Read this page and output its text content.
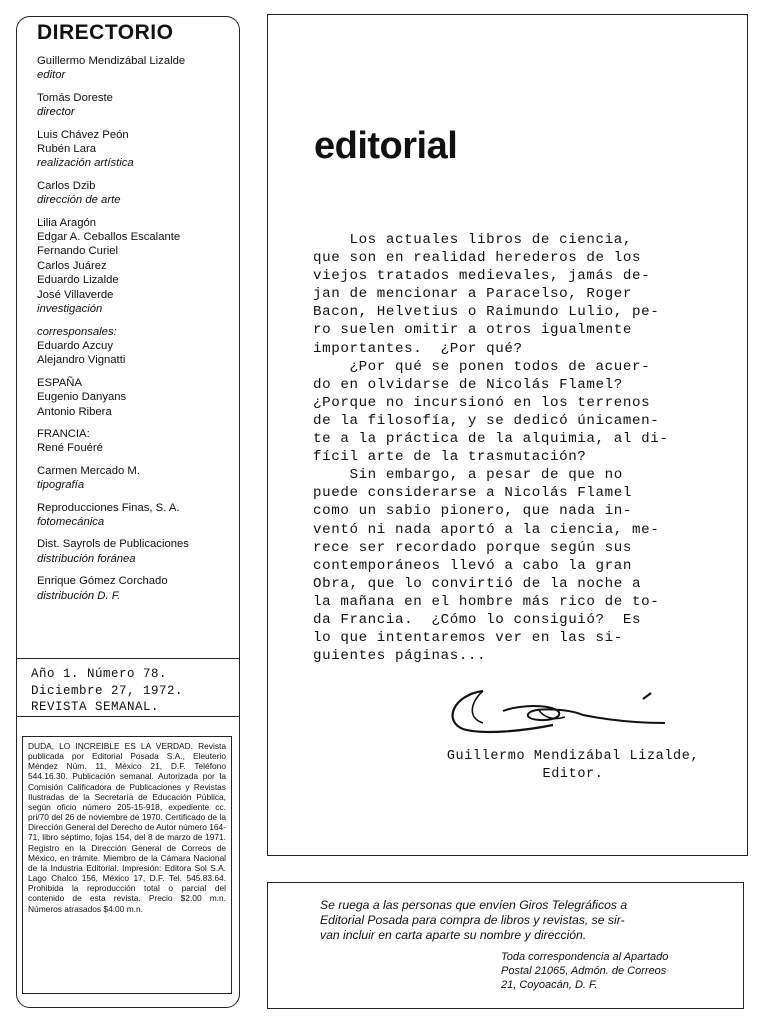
DIRECTORIO
Guillermo Mendizábal Lizalde
editor
Tomás Doreste
director
Luis Chávez Peón
Rubén Lara
realización artística
Carlos Dzib
dirección de arte
Lilia Aragón
Edgar A. Ceballos Escalante
Fernando Curiel
Carlos Juárez
Eduardo Lizalde
José Villaverde
investigación
corresponsales:
Eduardo Azcuy
Alejandro Vignatti
ESPAÑA
Eugenio Danyans
Antonio Ribera
FRANCIA:
René Fouéré
Carmen Mercado M.
tipografía
Reproducciones Finas, S. A.
fotomecánica
Dist. Sayrols de Publicaciones
distribución foránea
Enrique Gómez Corchado
distribución D. F.
Año 1. Número 78.
Diciembre 27, 1972.
REVISTA SEMANAL.
DUDA, LO INCREIBLE ES LA VERDAD. Revista publicada por Editorial Posada S.A., Eleuterio Méndez Núm. 11, México 21, D.F. Teléfono 544.16.30. Publicación semanal. Autorizada por la Comisión Calificadora de Publicaciones y Revistas Ilustradas de la Secretaría de Educación Pública, según oficio número 205-15-918, expediente cc. pri/70 del 26 de noviembre de 1970. Certificado de la Dirección General del Derecho de Autor número 164-71, libro séptimo, fojas 154, del 8 de marzo de 1971. Registro en la Dirección General de Correos de México, en trámite. Miembro de la Cámara Nacional de la Industria Editorial. Impresión: Editora Sol S.A. Lago Chalco 156, México 17, D.F. Tel. 545.83.64. Prohibida la reproducción total o parcial del contenido de esta revista. Precio $2.00 m.n. Números atrasados $4.00 m.n.
editorial
Los actuales libros de ciencia,
que son en realidad herederos de los
viejos tratados medievales, jamás de-
jan de mencionar a Paracelso, Roger
Bacon, Helvetius o Raimundo Lulio, pe-
ro suelen omitir a otros igualmente
importantes.  ¿Por qué?
¿Por qué se ponen todos de acuer-
do en olvidarse de Nicolás Flamel?
¿Porque no incursionó en los terrenos
de la filosofía, y se dedicó únicamen-
te a la práctica de la alquimia, al di-
fícil arte de la trasmutación?
Sin embargo, a pesar de que no
puede considerarse a Nicolás Flamel
como un sabio pionero, que nada in-
ventó ni nada aportó a la ciencia, me-
rece ser recordado porque según sus
contemporáneos llevó a cabo la gran
Obra, que lo convirtió de la noche a
la mañana en el hombre más rico de to-
da Francia.  ¿Cómo lo consiguió?  Es
lo que intentaremos ver en las si-
guientes páginas...
Guillermo Mendizábal Lizalde,
Editor.
Se ruega a las personas que envíen Giros Telegráficos a
Editorial Posada para compra de libros y revistas, se sir-
van incluir en carta aparte su nombre y dirección.
Toda correspondencia al Apartado
Postal 21065, Admón. de Correos
21, Coyoacán, D. F.
